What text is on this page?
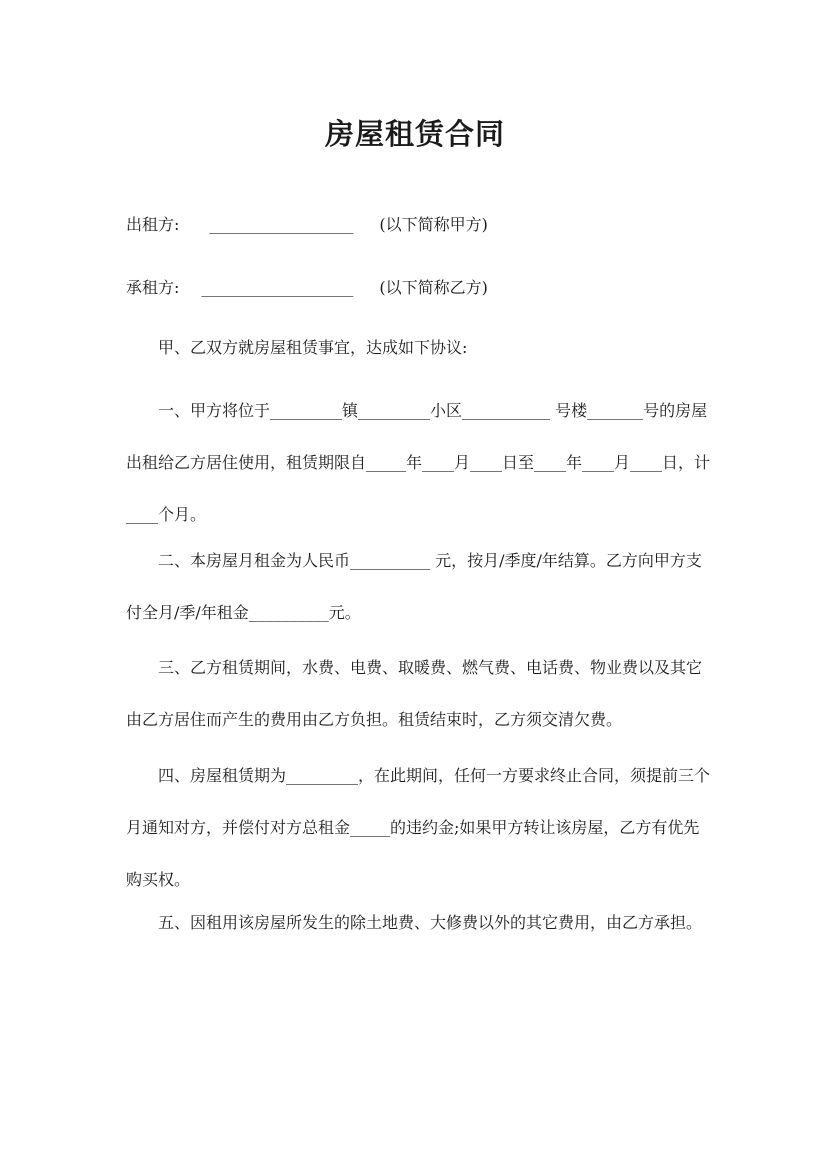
房屋租赁合同
出租方: __________________ (以下简称甲方)
承租方: ___________________ (以下简称乙方)

甲、乙双方就房屋租赁事宜，达成如下协议:

一、甲方将位于_________镇_________小区___________ 号楼_______号的房屋出租给乙方居住使用，租赁期限自_____年____月____日至____年____月____日，计____个月。

二、本房屋月租金为人民币__________ 元，按月/季度/年结算。乙方向甲方支付全月/季/年租金__________元。

三、乙方租赁期间，水费、电费、取暖费、燃气费、电话费、物业费以及其它由乙方居住而产生的费用由乙方负担。租赁结束时，乙方须交清欠费。

四、房屋租赁期为_________，在此期间，任何一方要求终止合同，须提前三个月通知对方，并偿付对方总租金_____的违约金;如果甲方转让该房屋，乙方有优先购买权。

五、因租用该房屋所发生的除土地费、大修费以外的其它费用，由乙方承担。
